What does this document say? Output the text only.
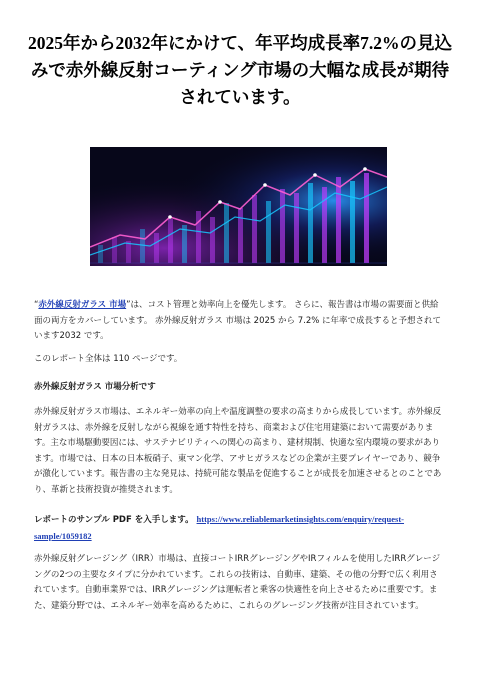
2025年から2032年にかけて、年平均成長率7.2%の見込みで赤外線反射コーティング市場の大幅な成長が期待されています。

“赤外線反射ガラス 市場”は、コスト管理と効率向上を優先します。 さらに、報告書は市場の需要面と供給面の両方をカバーしています。 赤外線反射ガラス 市場は 2025 から 7.2% に年率で成長すると予想されています2032 です。

このレポート全体は 110 ページです。

赤外線反射ガラス 市場分析です

赤外線反射ガラス市場は、エネルギー効率の向上や温度調整の要求の高まりから成長しています。赤外線反射ガラスは、赤外線を反射しながら視線を通す特性を持ち、商業および住宅用建築において需要があります。主な市場駆動要因には、サステナビリティへの関心の高まり、建材規制、快適な室内環境の要求があります。市場では、日本の日本板硝子、東マン化学、アサヒガラスなどの企業が主要プレイヤーであり、競争が激化しています。報告書の主な発見は、持続可能な製品を促進することが成長を加速させるとのことであり、革新と技術投資が推奨されます。

レポートのサンプル PDF を入手します。 https://www.reliablemarketinsights.com/enquiry/request-sample/1059182

赤外線反射グレージング（IRR）市場は、直接コートIRRグレージングやIRフィルムを使用したIRRグレージングの2つの主要なタイプに分かれています。これらの技術は、自動車、建築、その他の分野で広く利用されています。自動車業界では、IRRグレージングは運転者と乗客の快適性を向上させるために重要です。また、建築分野では、エネルギー効率を高めるために、これらのグレージング技術が注目されています。
